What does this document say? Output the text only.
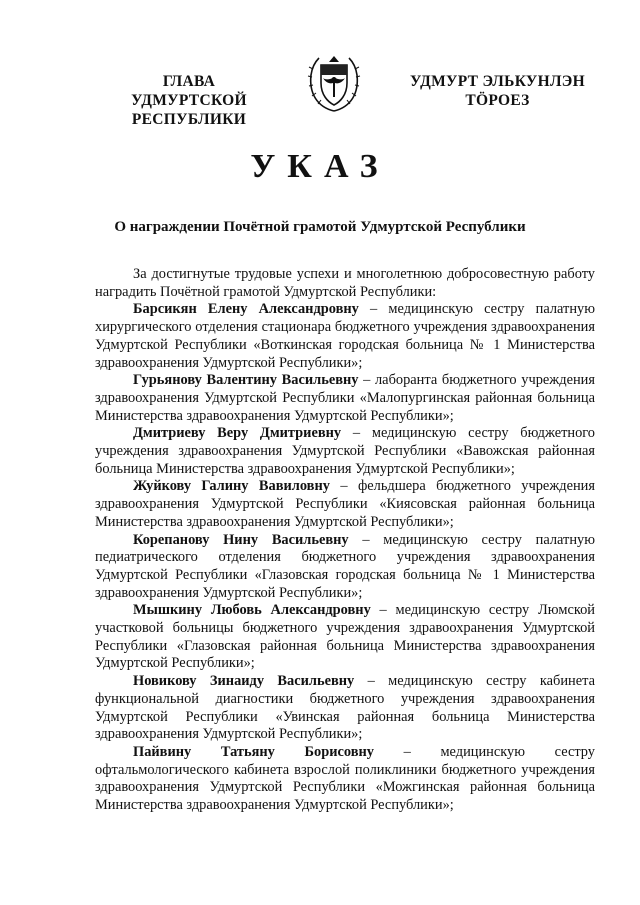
ГЛАВА
УДМУРТСКОЙ РЕСПУБЛИКИ
УДМУРТ ЭЛЬКУНЛЭН
ТӦРОЕЗ
УКАЗ
О награждении Почётной грамотой Удмуртской Республики

За достигнутые трудовые успехи и многолетнюю добросовестную работу наградить Почётной грамотой Удмуртской Республики:

Барсикян Елену Александровну – медицинскую сестру палатную хирургического отделения стационара бюджетного учреждения здравоохранения Удмуртской Республики «Воткинская городская больница № 1 Министерства здравоохранения Удмуртской Республики»;

Гурьянову Валентину Васильевну – лаборанта бюджетного учреждения здравоохранения Удмуртской Республики «Малопургинская районная больница Министерства здравоохранения Удмуртской Республики»;

Дмитриеву Веру Дмитриевну – медицинскую сестру бюджетного учреждения здравоохранения Удмуртской Республики «Вавожская районная больница Министерства здравоохранения Удмуртской Республики»;

Жуйкову Галину Вавиловну – фельдшера бюджетного учреждения здравоохранения Удмуртской Республики «Киясовская районная больница Министерства здравоохранения Удмуртской Республики»;

Корепанову Нину Васильевну – медицинскую сестру палатную педиатрического отделения бюджетного учреждения здравоохранения Удмуртской Республики «Глазовская городская больница № 1 Министерства здравоохранения Удмуртской Республики»;

Мышкину Любовь Александровну – медицинскую сестру Люмской участковой больницы бюджетного учреждения здравоохранения Удмуртской Республики «Глазовская районная больница Министерства здравоохранения Удмуртской Республики»;

Новикову Зинаиду Васильевну – медицинскую сестру кабинета функциональной диагностики бюджетного учреждения здравоохранения Удмуртской Республики «Увинская районная больница Министерства здравоохранения Удмуртской Республики»;

Пайвину Татьяну Борисовну – медицинскую сестру офтальмологического кабинета взрослой поликлиники бюджетного учреждения здравоохранения Удмуртской Республики «Можгинская районная больница Министерства здравоохранения Удмуртской Республики»;
